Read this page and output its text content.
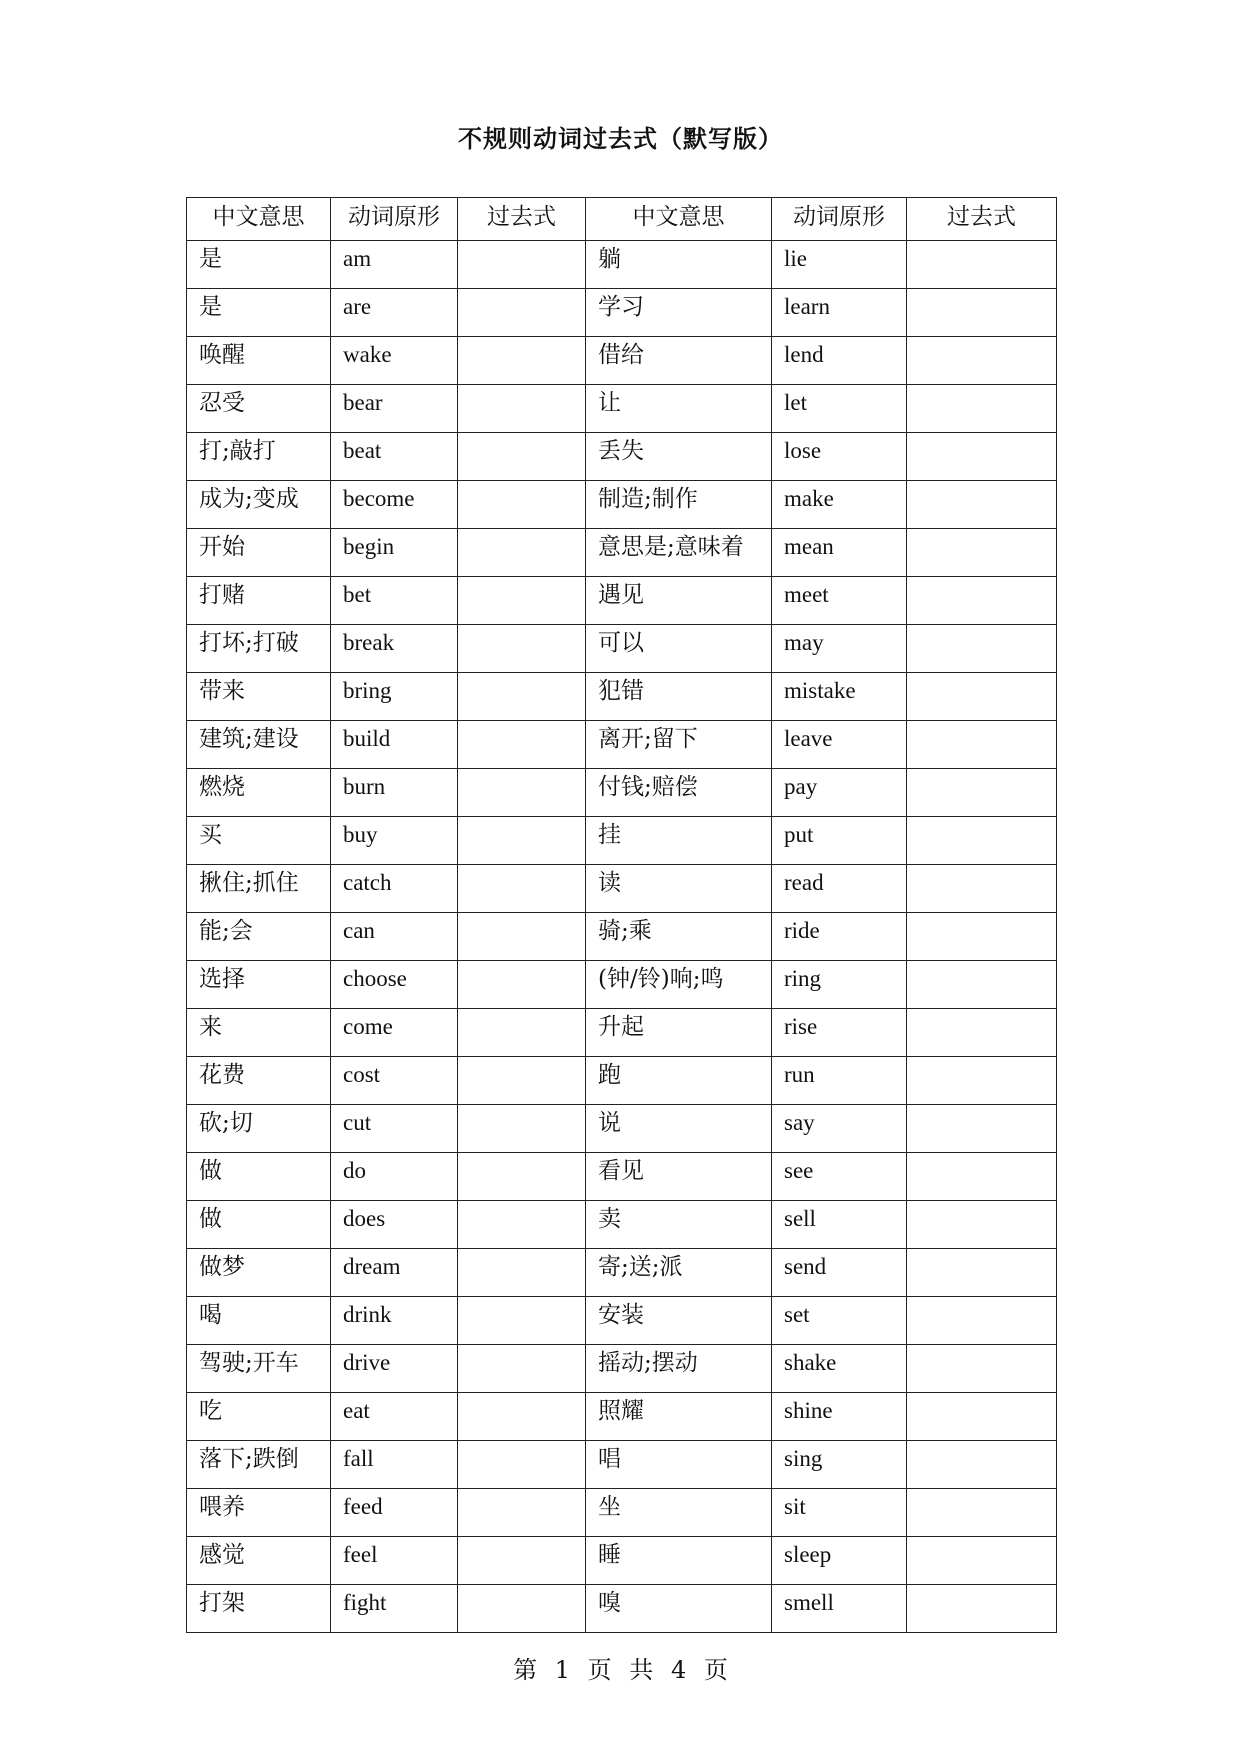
不规则动词过去式（默写版）
中文意思	动词原形	过去式	中文意思	动词原形	过去式
是	am		躺	lie	
是	are		学习	learn	
唤醒	wake		借给	lend	
忍受	bear		让	let	
打;敲打	beat		丢失	lose	
成为;变成	become		制造;制作	make	
开始	begin		意思是;意味着	mean	
打赌	bet		遇见	meet	
打坏;打破	break		可以	may	
带来	bring		犯错	mistake	
建筑;建设	build		离开;留下	leave	
燃烧	burn		付钱;赔偿	pay	
买	buy		挂	put	
揪住;抓住	catch		读	read	
能;会	can		骑;乘	ride	
选择	choose		(钟/铃)响;鸣	ring	
来	come		升起	rise	
花费	cost		跑	run	
砍;切	cut		说	say	
做	do		看见	see	
做	does		卖	sell	
做梦	dream		寄;送;派	send	
喝	drink		安装	set	
驾驶;开车	drive		摇动;摆动	shake	
吃	eat		照耀	shine	
落下;跌倒	fall		唱	sing	
喂养	feed		坐	sit	
感觉	feel		睡	sleep	
打架	fight		嗅	smell	
第 1 页 共 4 页
